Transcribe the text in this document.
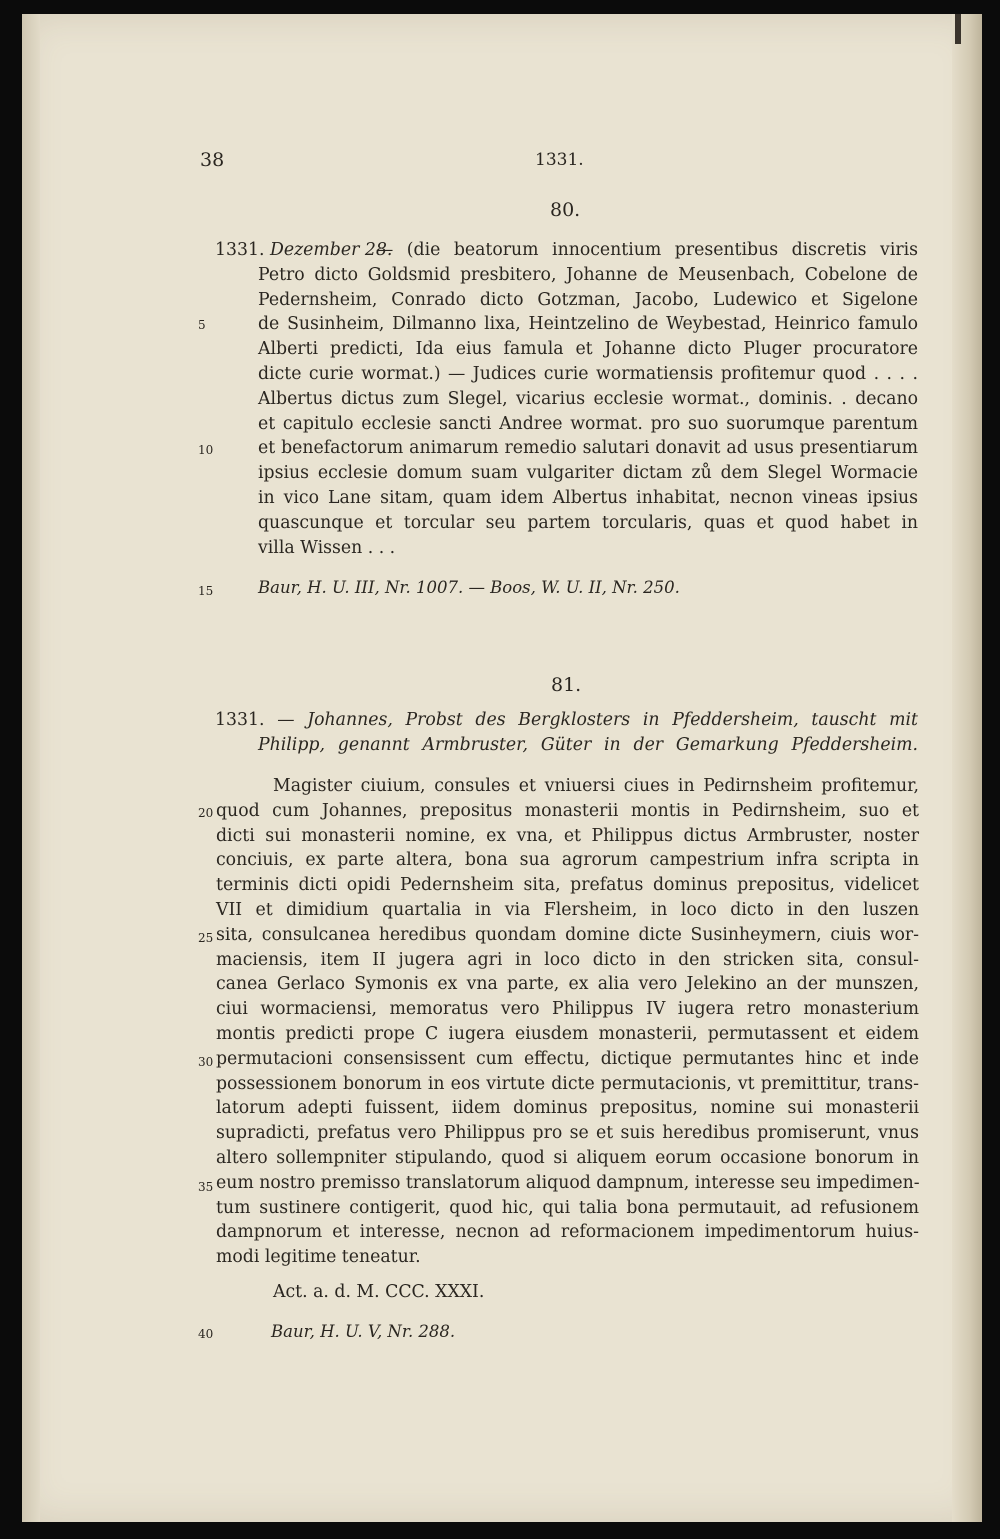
38	1331.
80.
1331. Dezember 28.
— (die beatorum innocentium presentibus discretis viris
Petro dicto Goldsmid presbitero, Johanne de Meusenbach, Cobelone de
Pedernsheim, Conrado dicto Gotzman, Jacobo, Ludewico et Sigelone
de Susinheim, Dilmanno lixa, Heintzelino de Weybestad, Heinrico famulo
Alberti predicti, Ida eius famula et Johanne dicto Pluger procuratore
dicte curie wormat.) — Judices curie wormatiensis profitemur quod . . . .
Albertus dictus zum Slegel, vicarius ecclesie wormat., dominis. . decano
et capitulo ecclesie sancti Andree wormat. pro suo suorumque parentum
et benefactorum animarum remedio salutari donavit ad usus presentiarum
ipsius ecclesie domum suam vulgariter dictam zů dem Slegel Wormacie
in vico Lane sitam, quam idem Albertus inhabitat, necnon vineas ipsius
quascunque et torcular seu partem torcularis, quas et quod habet in
villa Wissen . . .
Baur, H. U. III, Nr. 1007. — Boos, W. U. II, Nr. 250.
81.
1331. — Johannes, Probst des Bergklosters in Pfeddersheim, tauscht mit
Philipp, genannt Armbruster, Güter in der Gemarkung Pfeddersheim.
Magister ciuium, consules et vniuersi ciues in Pedirnsheim profitemur,
quod cum Johannes, prepositus monasterii montis in Pedirnsheim, suo et
dicti sui monasterii nomine, ex vna, et Philippus dictus Armbruster, noster
conciuis, ex parte altera, bona sua agrorum campestrium infra scripta in
terminis dicti opidi Pedernsheim sita, prefatus dominus prepositus, videlicet
VII et dimidium quartalia in via Flersheim, in loco dicto in den luszen
sita, consulcanea heredibus quondam domine dicte Susinheymern, ciuis wor-
maciensis, item II jugera agri in loco dicto in den stricken sita, consul-
canea Gerlaco Symonis ex vna parte, ex alia vero Jelekino an der munszen,
ciui wormaciensi, memoratus vero Philippus IV iugera retro monasterium
montis predicti prope C iugera eiusdem monasterii, permutassent et eidem
permutacioni consensissent cum effectu, dictique permutantes hinc et inde
possessionem bonorum in eos virtute dicte permutacionis, vt premittitur, trans-
latorum adepti fuissent, iidem dominus prepositus, nomine sui monasterii
supradicti, prefatus vero Philippus pro se et suis heredibus promiserunt, vnus
altero sollempniter stipulando, quod si aliquem eorum occasione bonorum in
eum nostro premisso translatorum aliquod dampnum, interesse seu impedimen-
tum sustinere contigerit, quod hic, qui talia bona permutauit, ad refusionem
dampnorum et interesse, necnon ad reformacionem impedimentorum huius-
modi legitime teneatur.
Act. a. d. M. CCC. XXXI.
Baur, H. U. V, Nr. 288.
5
10
15
20
25
30
35
40
